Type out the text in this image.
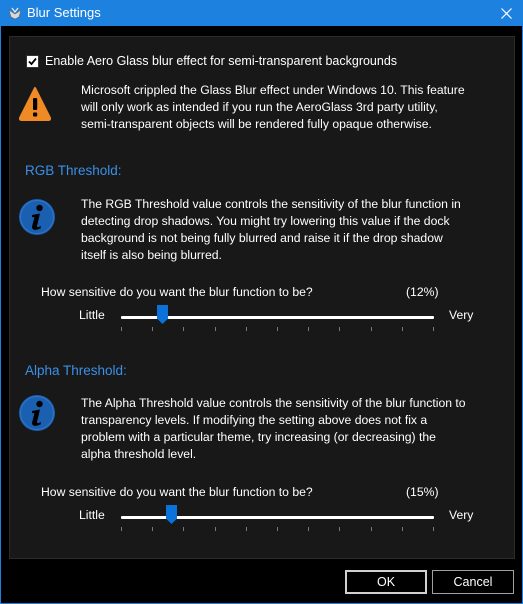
Blur Settings
Enable Aero Glass blur effect for semi-transparent backgrounds
Microsoft crippled the Glass Blur effect under Windows 10. This feature
will only work as intended if you run the AeroGlass 3rd party utility,
semi-transparent objects will be rendered fully opaque otherwise.
RGB Threshold:
The RGB Threshold value controls the sensitivity of the blur function in
detecting drop shadows. You might try lowering this value if the dock
background is not being fully blurred and raise it if the drop shadow
itself is also being blurred.
How sensitive do you want the blur function to be?	(12%)
Little	Very
Alpha Threshold:
The Alpha Threshold value controls the sensitivity of the blur function to
transparency levels. If modifying the setting above does not fix a
problem with a particular theme, try increasing (or decreasing) the
alpha threshold level.
How sensitive do you want the blur function to be?	(15%)
Little	Very
OK	Cancel
